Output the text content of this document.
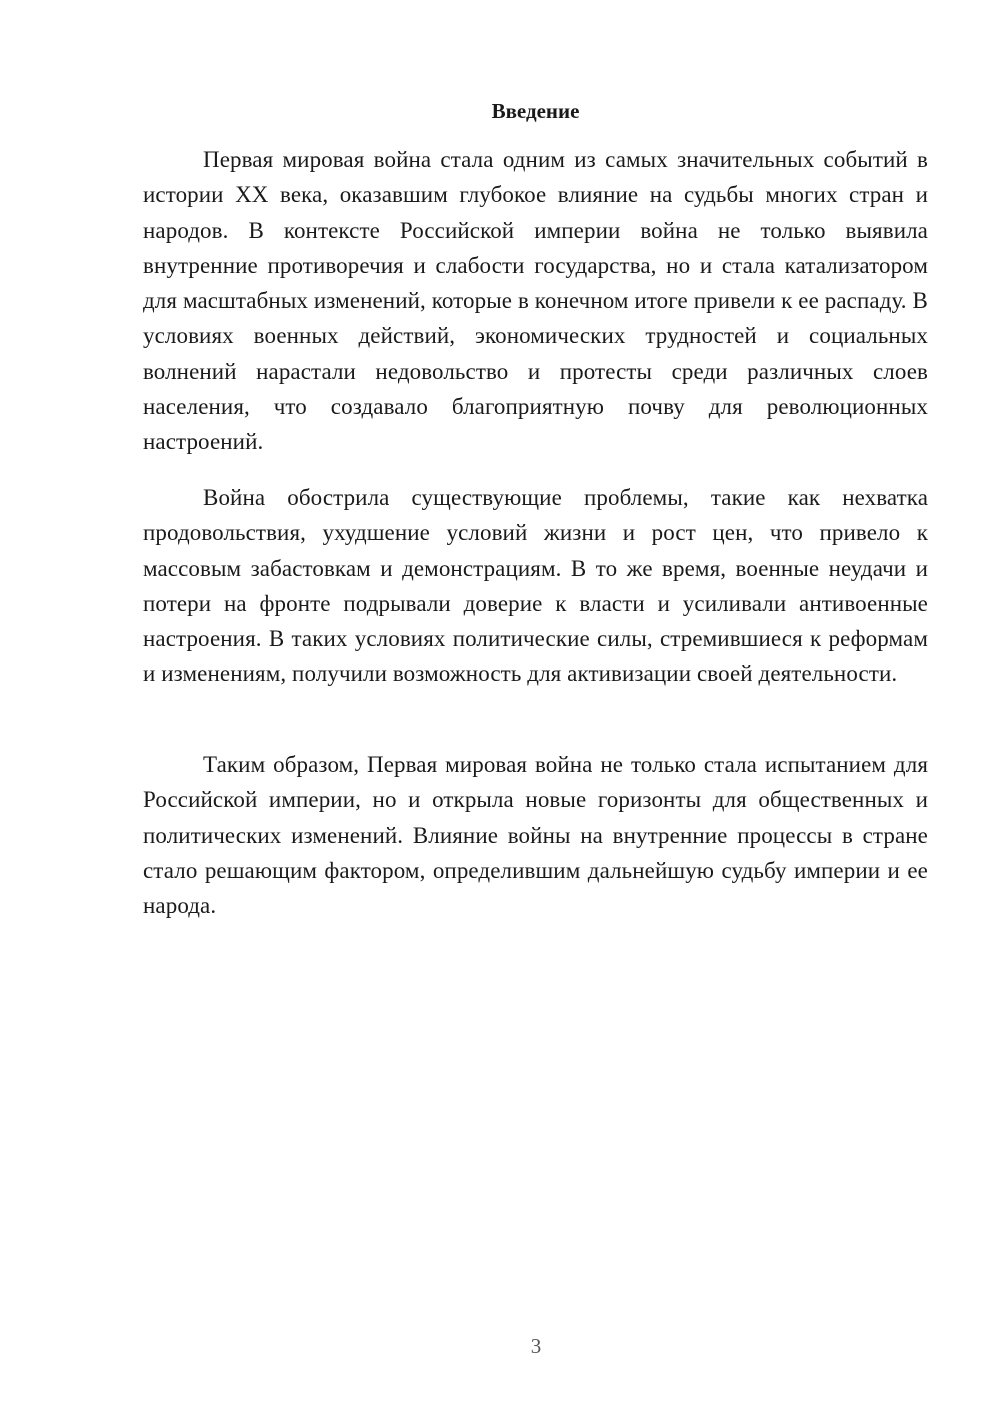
Введение

Первая мировая война стала одним из самых значительных событий в истории XX века, оказавшим глубокое влияние на судьбы многих стран и народов. В контексте Российской империи война не только выявила внутренние противоречия и слабости государства, но и стала катализатором для масштабных изменений, которые в конечном итоге привели к ее распаду. В условиях военных действий, экономических трудностей и социальных волнений нарастали недовольство и протесты среди различных слоев населения, что создавало благоприятную почву для революционных настроений.

Война обострила существующие проблемы, такие как нехватка продовольствия, ухудшение условий жизни и рост цен, что привело к массовым забастовкам и демонстрациям. В то же время, военные неудачи и потери на фронте подрывали доверие к власти и усиливали антивоенные настроения. В таких условиях политические силы, стремившиеся к реформам и изменениям, получили возможность для активизации своей деятельности.

Таким образом, Первая мировая война не только стала испытанием для Российской империи, но и открыла новые горизонты для общественных и политических изменений. Влияние войны на внутренние процессы в стране стало решающим фактором, определившим дальнейшую судьбу империи и ее народа.

3
